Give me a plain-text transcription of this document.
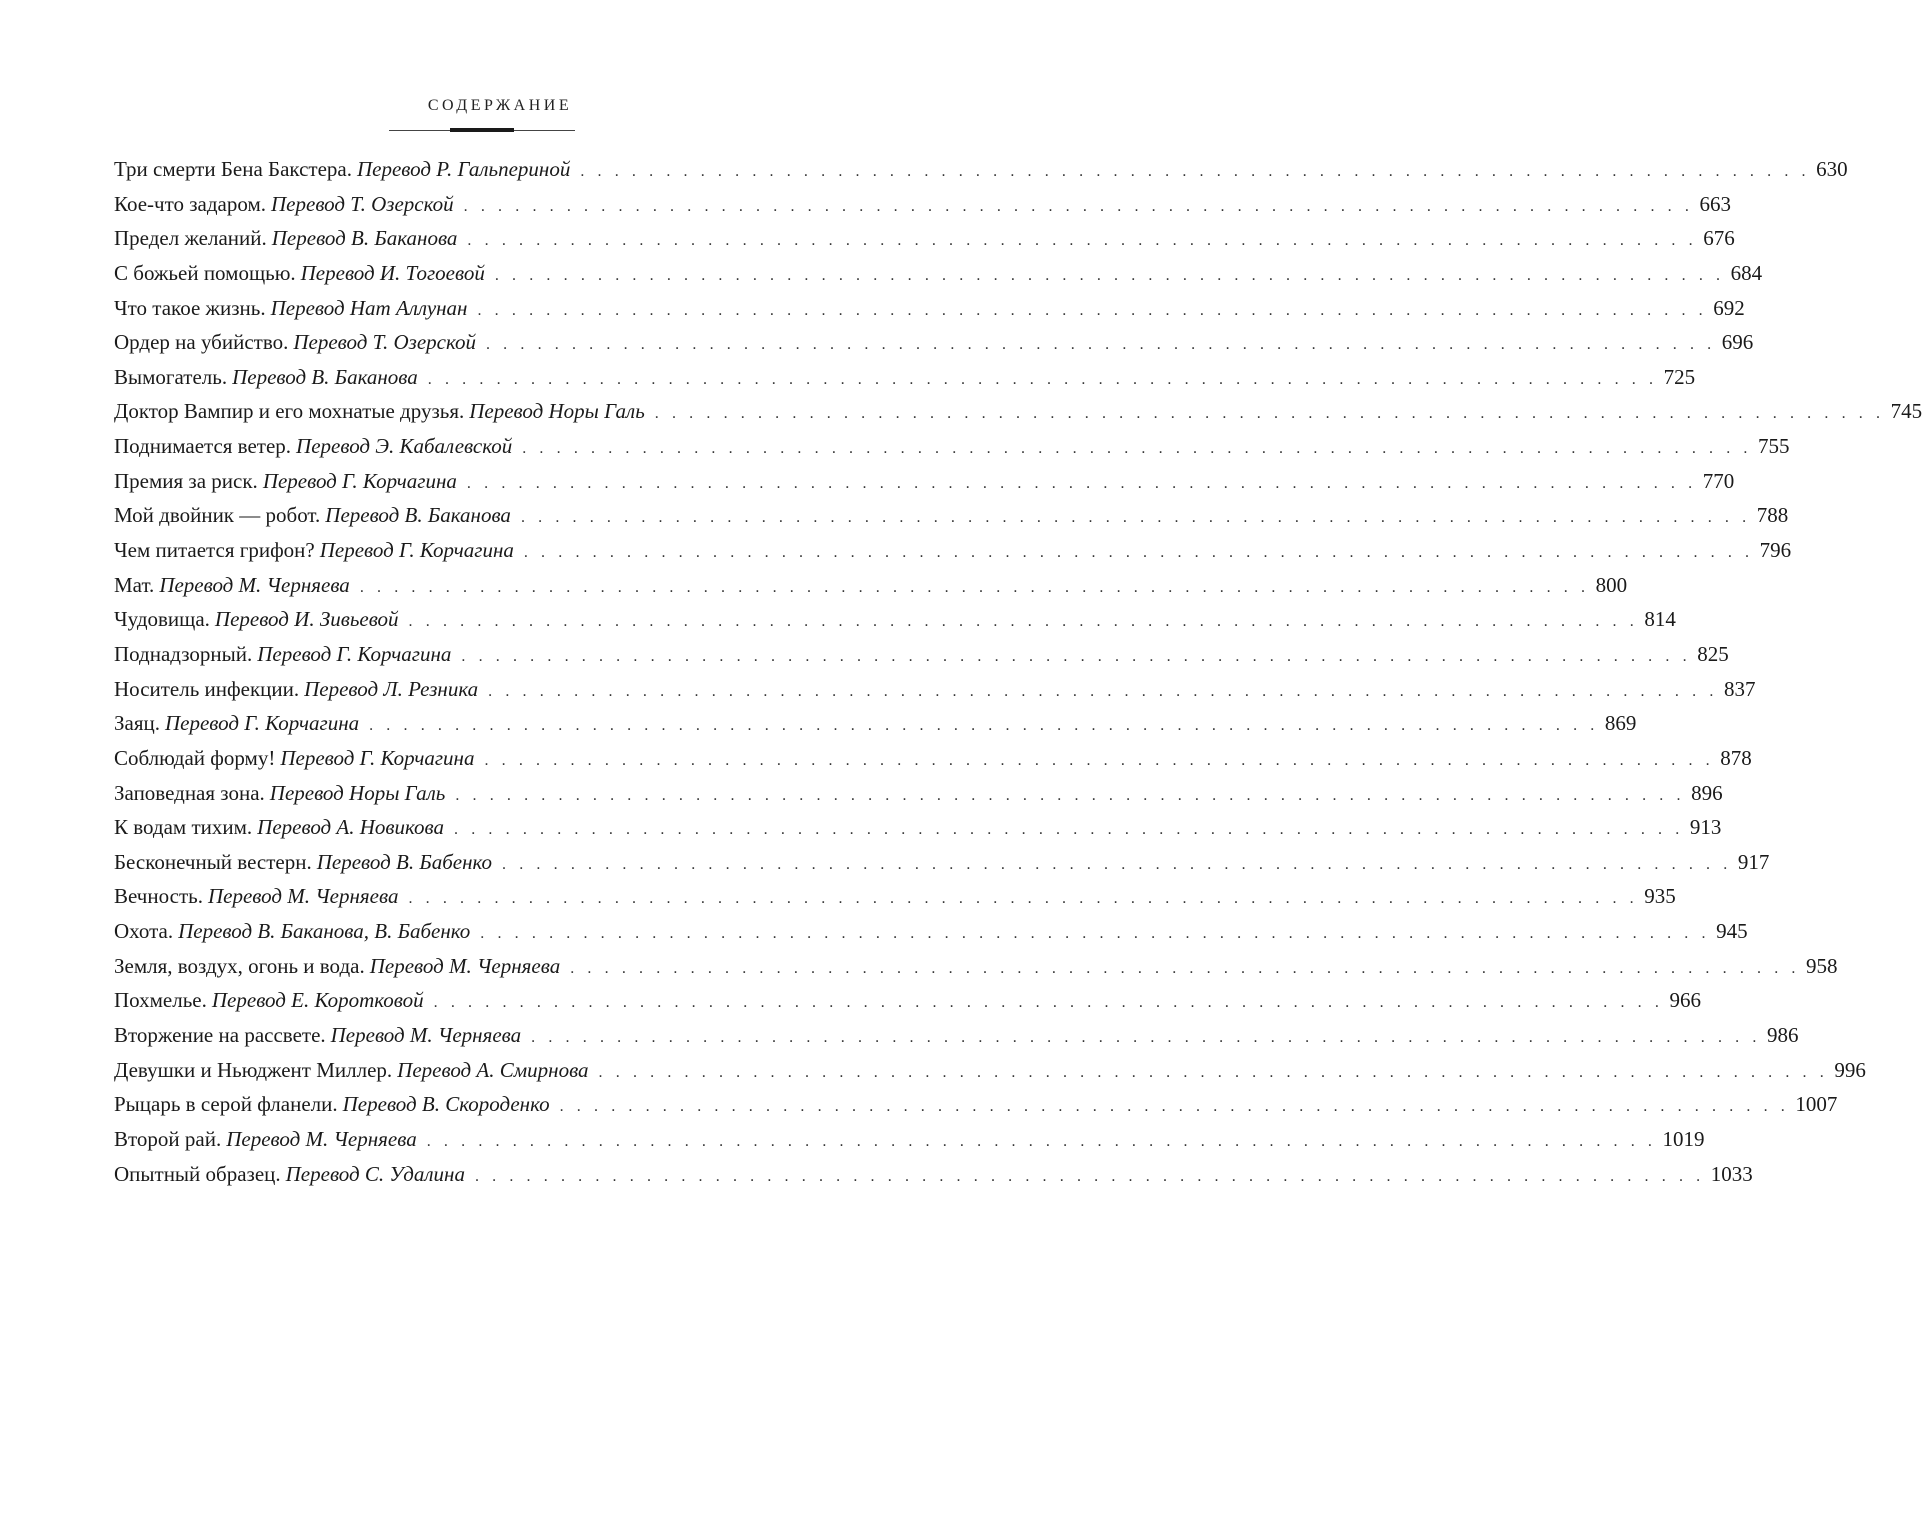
СОДЕРЖАНИЕ
Три смерти Бена Бакстера. Перевод Р. Гальпериной . . . . . . . . . . . . . . . . . . . . . . . . . . . . . . . . . . . . . . . . . . . . . . . . . . . . . . . . . . . . . . . . . . . . . . . . 630
Кое-что задаром. Перевод Т. Озерской . . . . . . . . . . . . . . . . . . . . . . . . . . . . . . . . . . . . . . . . . . . . . . . . . . . . . . . . . . . . . . . . . . . . . . . . 663
Предел желаний. Перевод В. Баканова . . . . . . . . . . . . . . . . . . . . . . . . . . . . . . . . . . . . . . . . . . . . . . . . . . . . . . . . . . . . . . . . . . . . . . . . 676
С божьей помощью. Перевод И. Тогоевой . . . . . . . . . . . . . . . . . . . . . . . . . . . . . . . . . . . . . . . . . . . . . . . . . . . . . . . . . . . . . . . . . . . . . . . . 684
Что такое жизнь. Перевод Нат Аллунан . . . . . . . . . . . . . . . . . . . . . . . . . . . . . . . . . . . . . . . . . . . . . . . . . . . . . . . . . . . . . . . . . . . . . . . . 692
Ордер на убийство. Перевод Т. Озерской . . . . . . . . . . . . . . . . . . . . . . . . . . . . . . . . . . . . . . . . . . . . . . . . . . . . . . . . . . . . . . . . . . . . . . . . 696
Вымогатель. Перевод В. Баканова . . . . . . . . . . . . . . . . . . . . . . . . . . . . . . . . . . . . . . . . . . . . . . . . . . . . . . . . . . . . . . . . . . . . . . . . 725
Доктор Вампир и его мохнатые друзья. Перевод Норы Галь . . . . . . . . . . . . . . . . . . . . . . . . . . . . . . . . . . . . . . . . . . . . . . . . . . . . . . . . . . . . . . . . . . . . . . . . 745
Поднимается ветер. Перевод Э. Кабалевской . . . . . . . . . . . . . . . . . . . . . . . . . . . . . . . . . . . . . . . . . . . . . . . . . . . . . . . . . . . . . . . . . . . . . . . . 755
Премия за риск. Перевод Г. Корчагина . . . . . . . . . . . . . . . . . . . . . . . . . . . . . . . . . . . . . . . . . . . . . . . . . . . . . . . . . . . . . . . . . . . . . . . . 770
Мой двойник — робот. Перевод В. Баканова . . . . . . . . . . . . . . . . . . . . . . . . . . . . . . . . . . . . . . . . . . . . . . . . . . . . . . . . . . . . . . . . . . . . . . . . 788
Чем питается грифон? Перевод Г. Корчагина . . . . . . . . . . . . . . . . . . . . . . . . . . . . . . . . . . . . . . . . . . . . . . . . . . . . . . . . . . . . . . . . . . . . . . . . 796
Мат. Перевод М. Черняева . . . . . . . . . . . . . . . . . . . . . . . . . . . . . . . . . . . . . . . . . . . . . . . . . . . . . . . . . . . . . . . . . . . . . . . . 800
Чудовища. Перевод И. Зивьевой . . . . . . . . . . . . . . . . . . . . . . . . . . . . . . . . . . . . . . . . . . . . . . . . . . . . . . . . . . . . . . . . . . . . . . . . 814
Поднадзорный. Перевод Г. Корчагина . . . . . . . . . . . . . . . . . . . . . . . . . . . . . . . . . . . . . . . . . . . . . . . . . . . . . . . . . . . . . . . . . . . . . . . . 825
Носитель инфекции. Перевод Л. Резника . . . . . . . . . . . . . . . . . . . . . . . . . . . . . . . . . . . . . . . . . . . . . . . . . . . . . . . . . . . . . . . . . . . . . . . . 837
Заяц. Перевод Г. Корчагина . . . . . . . . . . . . . . . . . . . . . . . . . . . . . . . . . . . . . . . . . . . . . . . . . . . . . . . . . . . . . . . . . . . . . . . . 869
Соблюдай форму! Перевод Г. Корчагина . . . . . . . . . . . . . . . . . . . . . . . . . . . . . . . . . . . . . . . . . . . . . . . . . . . . . . . . . . . . . . . . . . . . . . . . 878
Заповедная зона. Перевод Норы Галь . . . . . . . . . . . . . . . . . . . . . . . . . . . . . . . . . . . . . . . . . . . . . . . . . . . . . . . . . . . . . . . . . . . . . . . . 896
К водам тихим. Перевод А. Новикова . . . . . . . . . . . . . . . . . . . . . . . . . . . . . . . . . . . . . . . . . . . . . . . . . . . . . . . . . . . . . . . . . . . . . . . . 913
Бесконечный вестерн. Перевод В. Бабенко . . . . . . . . . . . . . . . . . . . . . . . . . . . . . . . . . . . . . . . . . . . . . . . . . . . . . . . . . . . . . . . . . . . . . . . . 917
Вечность. Перевод М. Черняева . . . . . . . . . . . . . . . . . . . . . . . . . . . . . . . . . . . . . . . . . . . . . . . . . . . . . . . . . . . . . . . . . . . . . . . . 935
Охота. Перевод В. Баканова, В. Бабенко . . . . . . . . . . . . . . . . . . . . . . . . . . . . . . . . . . . . . . . . . . . . . . . . . . . . . . . . . . . . . . . . . . . . . . . . 945
Земля, воздух, огонь и вода. Перевод М. Черняева . . . . . . . . . . . . . . . . . . . . . . . . . . . . . . . . . . . . . . . . . . . . . . . . . . . . . . . . . . . . . . . . . . . . . . . . 958
Похмелье. Перевод Е. Коротковой . . . . . . . . . . . . . . . . . . . . . . . . . . . . . . . . . . . . . . . . . . . . . . . . . . . . . . . . . . . . . . . . . . . . . . . . 966
Вторжение на рассвете. Перевод М. Черняева . . . . . . . . . . . . . . . . . . . . . . . . . . . . . . . . . . . . . . . . . . . . . . . . . . . . . . . . . . . . . . . . . . . . . . . . 986
Девушки и Ньюджент Миллер. Перевод А. Смирнова . . . . . . . . . . . . . . . . . . . . . . . . . . . . . . . . . . . . . . . . . . . . . . . . . . . . . . . . . . . . . . . . . . . . . . . . 996
Рыцарь в серой фланели. Перевод В. Скороденко . . . . . . . . . . . . . . . . . . . . . . . . . . . . . . . . . . . . . . . . . . . . . . . . . . . . . . . . . . . . . . . . . . . . . . . . 1007
Второй рай. Перевод М. Черняева . . . . . . . . . . . . . . . . . . . . . . . . . . . . . . . . . . . . . . . . . . . . . . . . . . . . . . . . . . . . . . . . . . . . . . . . 1019
Опытный образец. Перевод С. Удалина . . . . . . . . . . . . . . . . . . . . . . . . . . . . . . . . . . . . . . . . . . . . . . . . . . . . . . . . . . . . . . . . . . . . . . . . 1033
